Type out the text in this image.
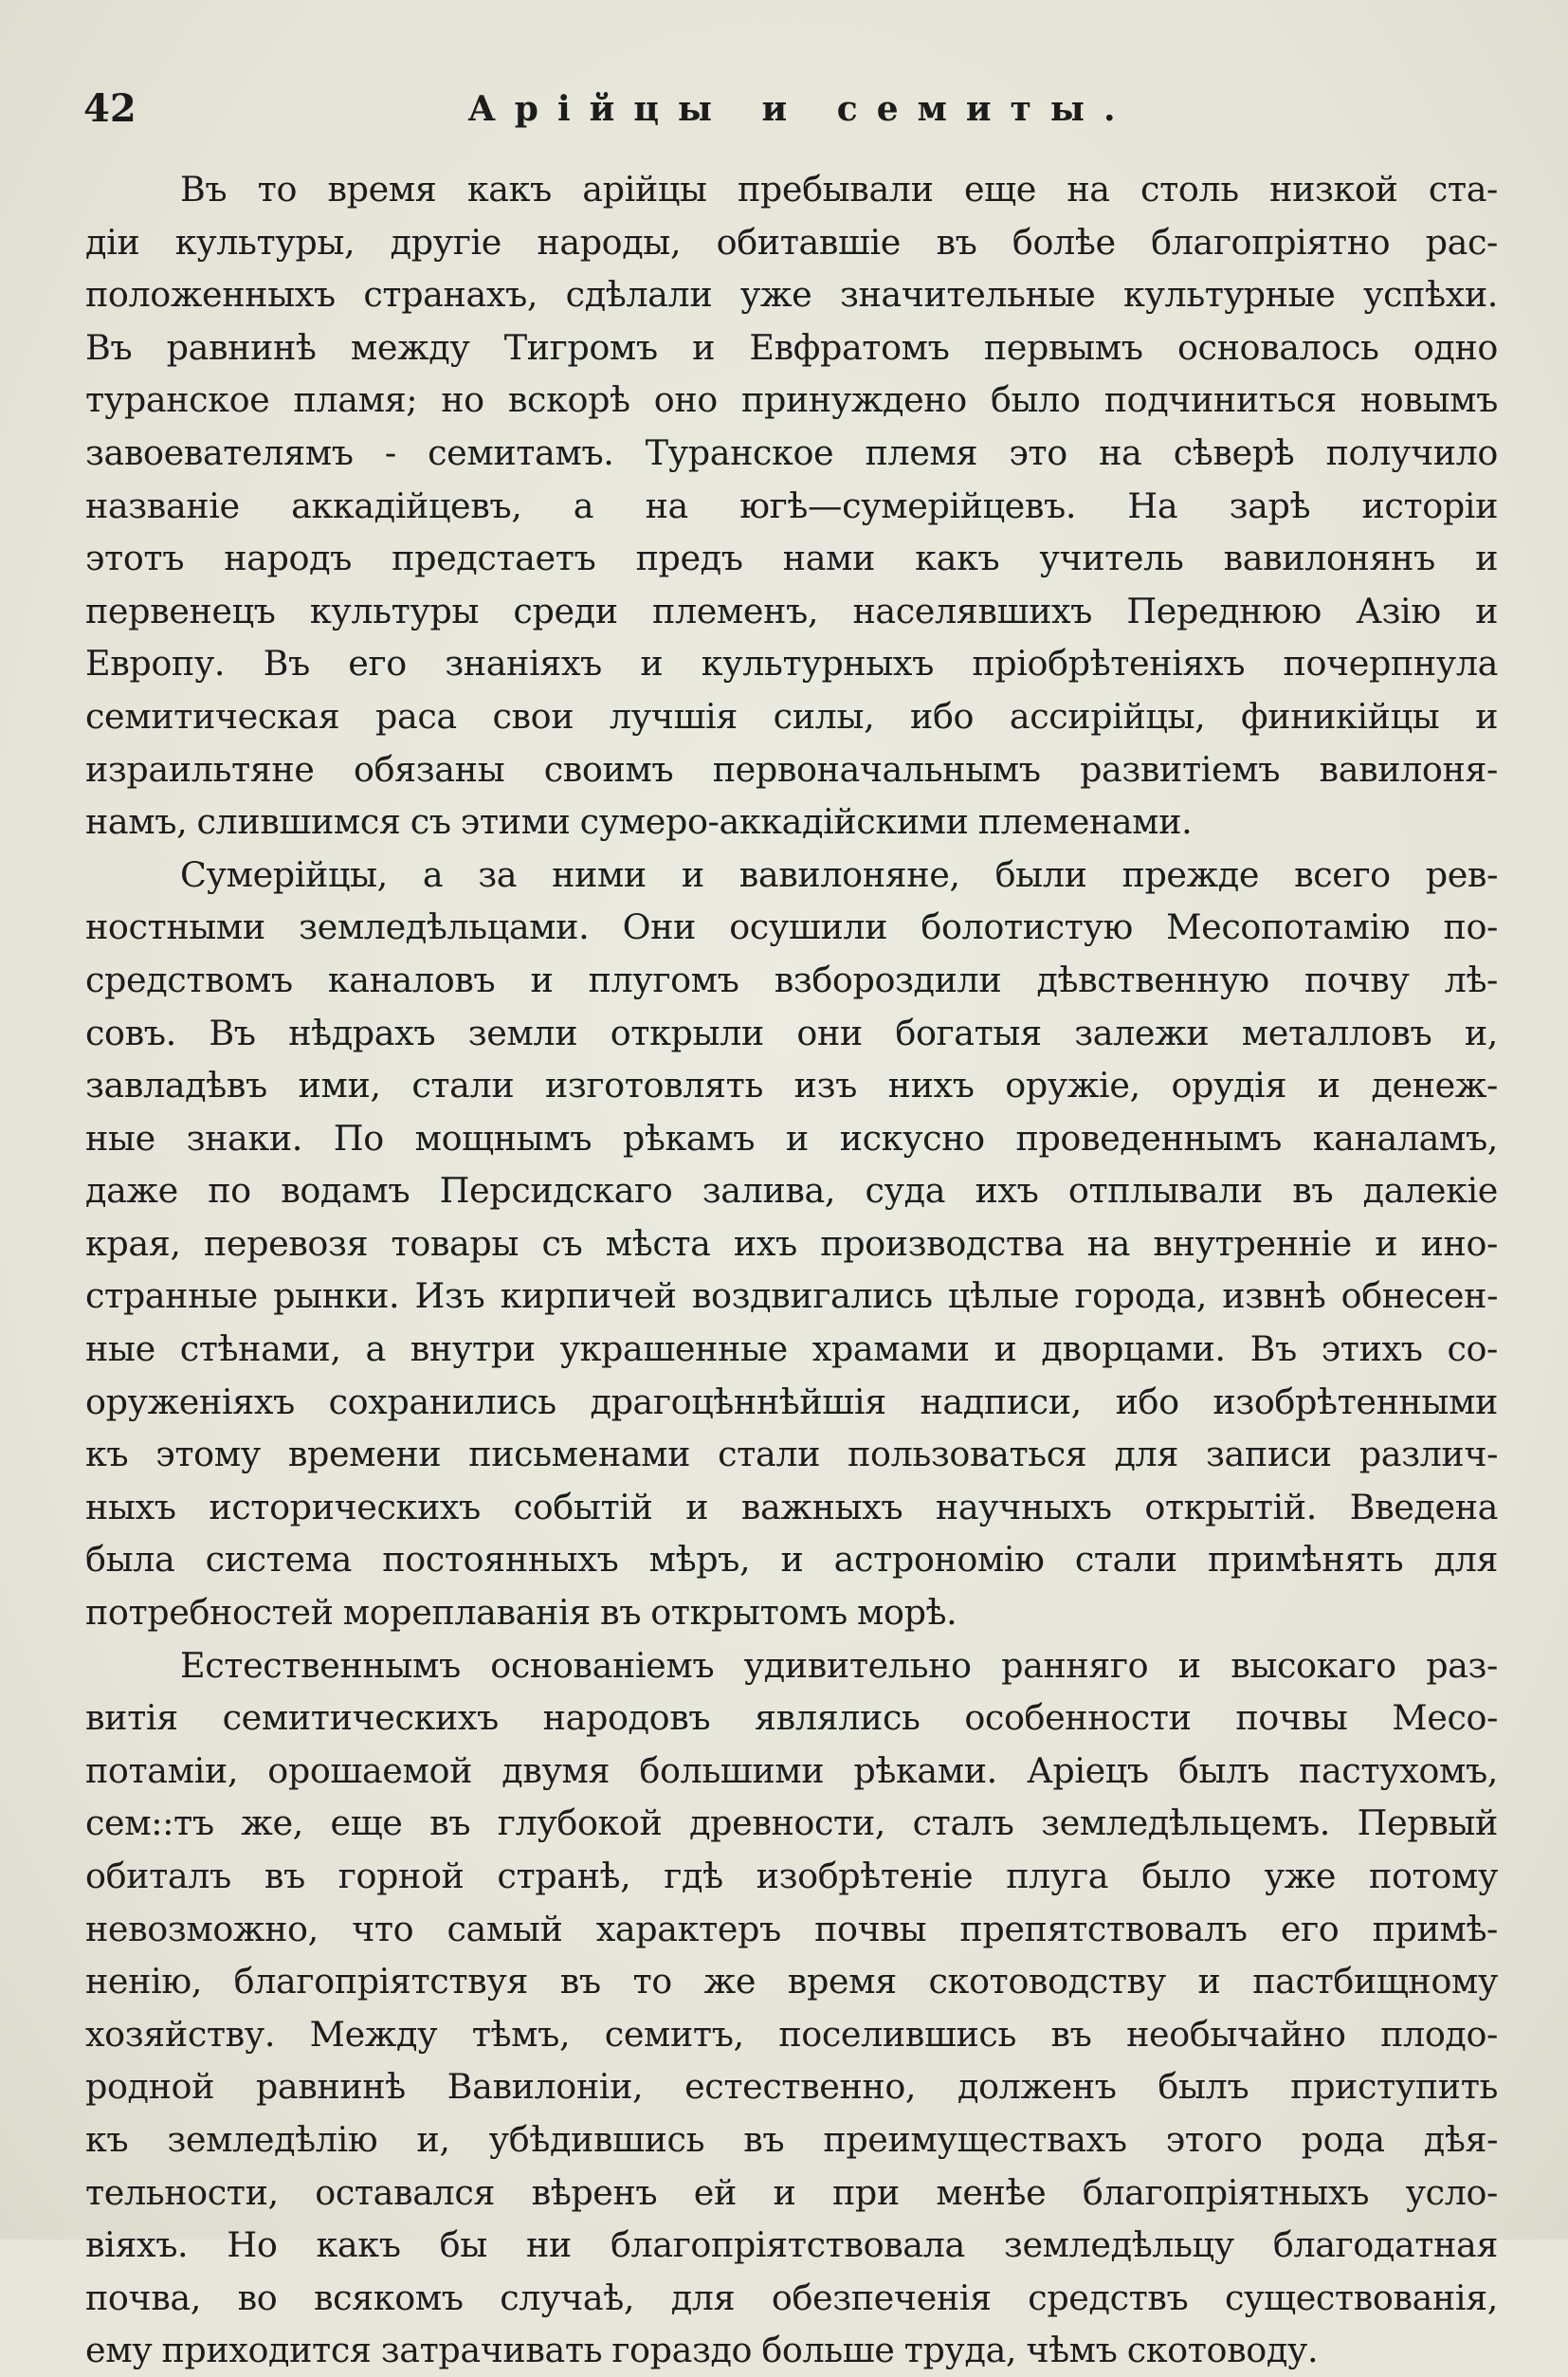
42	Арійцы и семиты.
Въ то время какъ арійцы пребывали еще на столь низкой ста-
діи культуры, другіе народы, обитавшіе въ болѣе благопріятно рас-
положенныхъ странахъ, сдѣлали уже значительные культурные успѣхи.
Въ равнинѣ между Тигромъ и Евфратомъ первымъ основалось одно
туранское пламя; но вскорѣ оно принуждено было подчиниться новымъ
завоевателямъ - семитамъ. Туранское племя это на сѣверѣ получило
названіе аккадійцевъ, а на югѣ—сумерійцевъ. На зарѣ исторіи
этотъ народъ предстаетъ предъ нами какъ учитель вавилонянъ и
первенецъ культуры среди племенъ, населявшихъ Переднюю Азію и
Европу. Въ его знаніяхъ и культурныхъ пріобрѣтеніяхъ почерпнула
семитическая раса свои лучшія силы, ибо ассирійцы, финикійцы и
израильтяне обязаны своимъ первоначальнымъ развитіемъ вавилоня-
намъ, слившимся съ этими сумеро-аккадійскими племенами.
Сумерійцы, а за ними и вавилоняне, были прежде всего рев-
ностными земледѣльцами. Они осушили болотистую Месопотамію по-
средствомъ каналовъ и плугомъ взбороздили дѣвственную почву лѣ-
совъ. Въ нѣдрахъ земли открыли они богатыя залежи металловъ и,
завладѣвъ ими, стали изготовлять изъ нихъ оружіе, орудія и денеж-
ные знаки. По мощнымъ рѣкамъ и искусно проведеннымъ каналамъ,
даже по водамъ Персидскаго залива, суда ихъ отплывали въ далекіе
края, перевозя товары съ мѣста ихъ производства на внутренніе и ино-
странные рынки. Изъ кирпичей воздвигались цѣлые города, извнѣ обнесен-
ные стѣнами, а внутри украшенные храмами и дворцами. Въ этихъ со-
оруженіяхъ сохранились драгоцѣннѣйшія надписи, ибо изобрѣтенными
къ этому времени письменами стали пользоваться для записи различ-
ныхъ историческихъ событій и важныхъ научныхъ открытій. Введена
была система постоянныхъ мѣръ, и астрономію стали примѣнять для
потребностей мореплаванія въ открытомъ морѣ.
Естественнымъ основаніемъ удивительно ранняго и высокаго раз-
витія семитическихъ народовъ являлись особенности почвы Месо-
потаміи, орошаемой двумя большими рѣками. Аріецъ былъ пастухомъ,
сем::тъ же, еще въ глубокой древности, сталъ земледѣльцемъ. Первый
обиталъ въ горной странѣ, гдѣ изобрѣтеніе плуга было уже потому
невозможно, что самый характеръ почвы препятствовалъ его примѣ-
ненію, благопріятствуя въ то же время скотоводству и пастбищному
хозяйству. Между тѣмъ, семитъ, поселившись въ необычайно плодо-
родной равнинѣ Вавилоніи, естественно, долженъ былъ приступить
къ земледѣлію и, убѣдившись въ преимуществахъ этого рода дѣя-
тельности, оставался вѣренъ ей и при менѣе благопріятныхъ усло-
віяхъ. Но какъ бы ни благопріятствовала земледѣльцу благодатная
почва, во всякомъ случаѣ, для обезпеченія средствъ существованія,
ему приходится затрачивать гораздо больше труда, чѣмъ скотоводу.
